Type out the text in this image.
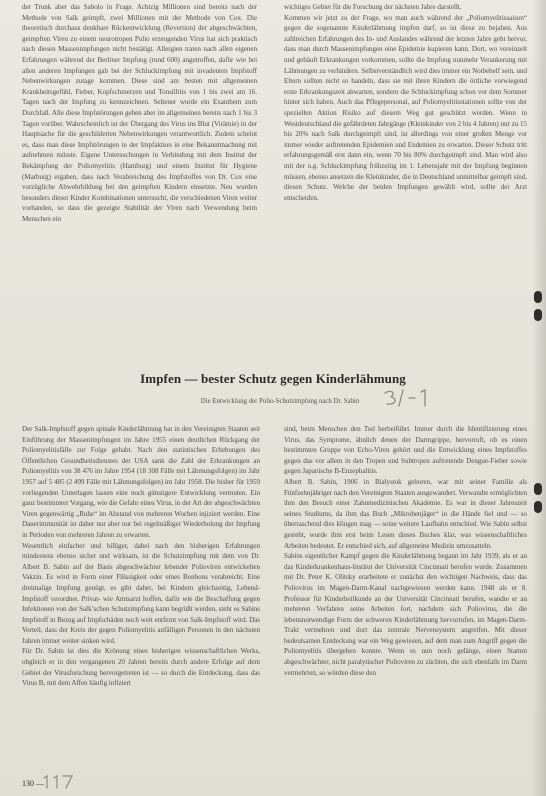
der Trunk aber das Sabolo in Frage. Achtzig Millionen sind bereits nach der Methode von Salk geimpft, zwei Millionen mit der Methode von Cox. Die theoretisch durchaus denkbare Rückentwicklung (Revertion) der abgeschwächten, geimpften Viren zu einem neurotropen Polio erzeugenden Virus hat sich praktisch nach diesen Massenimpfungen nicht bestätigt. Allergien traten nach allen eigenen Erfahrungen während der Berliner Impfung (rund 600) angetroffen, dafür wie bei allen anderen Impfungen gab bei der Schluckimpfung mit invadenten Impfstoff Nebenwirkungen zutage kommen. Diese sind am besten mit allgemeinen Krankheitsgefühl, Fieber, Kopfschmerzen und Tonsillitis von 1 bis zwei am 16. Tagen nach der Impfung zu kennzeichnen. Seltener wurde ein Exanthem zum Durchfall. Alle diese Impfstörungen gehen aber im allgemeinen bereits nach 1 bis 3 Tagen vorüber. Wahrscheinlich ist der Übergang des Virus ins Blut (Virämie) in der Hauptsache für die geschilderten Nebenwirkungen verantwortlich. Zudem scheint es, dass man diese Impfstörungen in der Impfaktion in eine Bekanntmachung mit aufnehmen müsste. Eigene Untersuchungen in Verbindung mit dem Institut der Bekämpfung der Poliomyelitis (Hamburg) und einem Institut für Hygiene (Marburg) ergaben, dass nach Verabreichung des Impfstoffes von Dr. Cox eine vorzügliche Abwehrbildung bei den geimpften Kindern einsetzte. Neu wurden besonders dieser Kinder Kombinationen untersucht, die verschiedenen Viren weiter vorhanden, so dass die gezeigte Stabilität der Viren nach Verwendung beim Menschen ein

wichtiges Gebiet für die Forschung der nächsten Jahre darstellt.

Kommen wir jetzt zu der Frage, wo man auch während der „Poliomyelitissaison“ gegen die sogenannte Kinderlähmung impfen darf, so ist diese zu bejahen. Aus zahlreichen Erfahrungen des In- und Auslandes während der letzten Jahre geht hervor, dass man durch Massenimpfungen eine Epidemie kupieren kann. Dort, wo vereinzelt und gehäuft Erkrankungen vorkommen, sollte die Impfung nunmehr Verankerung mit Lähmungen zu verhindern. Selbstverständlich wird dies immer ein Notbehelf sein, und Eltern sollten nicht so handeln, dass sie mit ihren Kindern die örtliche vorwiegend erste Erkrankungszeit abwarten, sondern die Schluckimpfung schon vor dem Sommer hinter sich haben. Auch das Pflegepersonal, auf Poliomyelitisstationen sollte von der speziellen Aktion Risiko auf diesem Weg gut geschützt werden. Wenn in Westdeutschland die gefährdeten Jahrgänge (Kleinkinder von 2 bis 4 Jahren) nur zu 15 bis 20% nach Salk durchgeimpft sind, ist allerdings von einer großen Menge vor immer wieder auftretenden Epidemien und Endemien zu erwarten. Dieser Schutz tritt erfahrungsgemäß erst dann ein, wenn 70 bis 80% durchgeimpft sind. Man wird also mit der o.g. Schluckimpfung frühzeitig im 1. Lebensjahr mit der Impfung beginnen müssen, ebenso ansetzen die Kleinkinder, die in Deutschland unmittelbar geimpft sind, diesen Schutz. Welche der beiden Impfungen gewählt wird, sollte der Arzt entscheiden.

Impfen — bester Schutz gegen Kinderlähmung

Die Entwicklung der Polio-Schutzimpfung nach Dr. Sabin

Der Salk-Impfstoff gegen spinale Kinderlähmung hat in den Vereinigten Staaten seit Einführung der Massenimpfungen im Jahre 1955 einen deutlichen Rückgang der Poliomyelitisfälle zur Folge gehabt. Nach den statistischen Erhebungen des Öffentlichen Gesundheitsdienstes der USA sank die Zahl der Erkrankungen an Poliomyelitis von 38 476 im Jahre 1954 (18 308 Fälle mit Lähmungsfolgen) im Jahr 1957 auf 5 485 (2 499 Fälle mit Lähmungsfolgen) im Jahr 1958. Die bisher für 1959 vorliegenden Unterlagen lassen eine noch günstigere Entwicklung vermuten. Ein ganz bestimmter Vorgang, wie die Gefahr eines Virus, in der Art der abgeschwächten Viren gegenwärtig „Ruhe“ im Abstand von mehreren Wochen injiziert werden. Eine Dauerimmunität ist daher nur aber nur bei regelmäßiger Wiederholung der Impfung in Perioden von mehreren Jahren zu erwarten.

Wesentlich einfacher und billiger, dabei nach den bisherigen Erfahrungen mindestens ebenso sicher und wirksam, ist die Schutzimpfung mit dem von Dr. Albert B. Sabin auf der Basis abgeschwächter lebender Polioviren entwickelten Vakzin. Es wird in Form einer Flüssigkeit oder eines Bonbons verabreicht. Eine dreimalige Impfung genügt, es gibt daher, bei Kindern gleichzeitig, Lebend-Impfstoff verordnet. Privat- wie Amtsarzt hoffen, dafür wie die Beschaffung gegen Infektionen von der Salk’schen Schutzimpfung kann begrüßt werden, steht es Sabins Impfstoff in Bezug auf Impfschäden noch weit entfernt von Salk-Impfstoff wird. Das Vorteil, dass der Kreis der gegen Poliomyelitis anfälligen Personen in den nächsten Jahren immer weiter sinken wird.

Für Dr. Sabin ist dies die Krönung eines bisherigen wissenschaftlichen Werks, obgleich er in den vergangenen 20 Jahren bereits durch andere Erfolge auf dem Gebiet der Virusforschung hervorgetreten ist — so durch die Entdeckung, dass das Virus B, mit dem Affen häufig infiziert

sind, beim Menschen den Tod herbeiführt. Immer durch die Identifizierung eines Virus, das Symptome, ähnlich denen der Darmgrippe, hervorruft, ob es einen bestimmten Gruppe von Echo-Viren gehört und die Entwicklung eines Impfstoffes gegen das vor allem in den Tropen und Subtropen auftretende Dengue-Fieber sowie gegen Japanische B-Enzephalitis.

Albert B. Sabin, 1906 in Bialystok geboren, war mit seiner Familie als Fünfzehnjähriger nach den Vereinigten Staaten ausgewandert. Verwandte ermöglichten ihm den Besuch einer Zahnmedizinischen Akademie. Es war in dieser Jahreszeit seines Studiums, da ihm das Buch „Mikrobenjäger“ in die Hände fiel und — so überraschend dies klingen mag — seine weitere Laufbahn entschied. Wie Sabin selbst gesteht, wurde ihm erst beim Lesen dieses Buches klar, was wissenschaftliches Arbeiten bedeutet. Er entschied sich, auf allgemeine Medizin umzusatteln.

Sabins eigentlicher Kampf gegen die Kinderlähmung begann im Jahr 1939, als er an das Kinderkrankenhaus-Institut der Universität Cincinnati berufen wurde. Zusammen mit Dr. Peter K. Olitsky erarbeitete er zunächst den wichtigen Nachweis, dass das Poliovirus im Magen-Darm-Kanal nachgewiesen werden kann. 1948 als er 8. Professor für Kinderheilkunde an der Universität Cincinnati berufen, wandte er an mehreren Verfahren seine Arbeiten fort, nachdem sich Poliovirus, die die lebensnotwendige Form der schweren Kinderlähmung hervorrufen, im Magen-Darm-Trakt vermehren und dort das zentrale Nervensystem angreifen. Mit dieser bedeutsamen Entdeckung war ein Weg gewiesen, auf dem man zum Angriff gegen die Poliomyelitis übergehen konnte. Wenn es nun noch gelänge, einen Stamm abgeschwächter, nicht paralytischer Polioviren zu züchten, die sich ebenfalls im Darm vermehrten, so würden diese den

130 —
